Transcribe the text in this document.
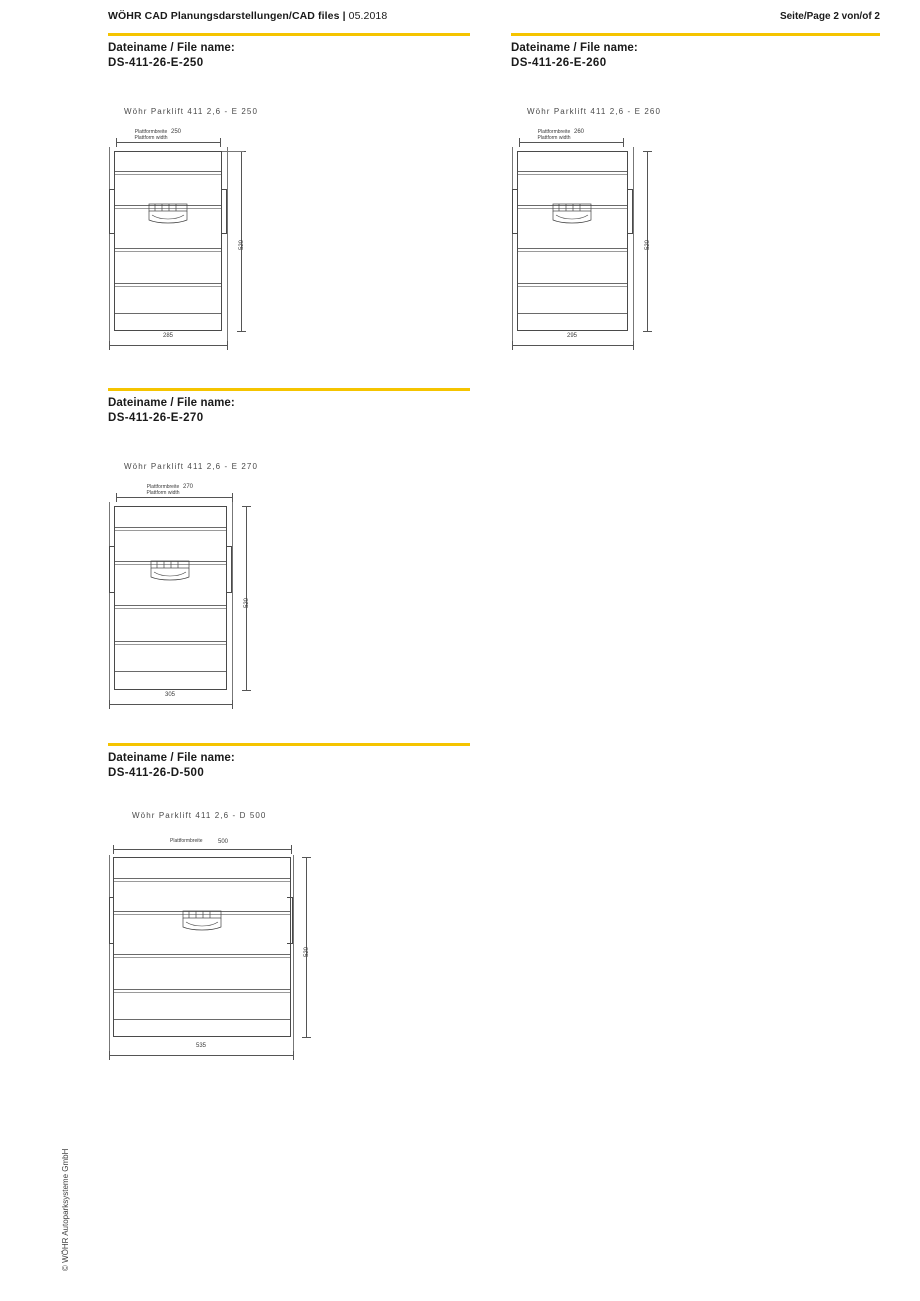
WÖHR CAD Planungsdarstellungen/CAD files | 05.2018	Seite/Page 2 von/of 2
Dateiname / File name:
DS-411-26-E-250
Wöhr Parklift 411 2,6 - E 250
Plattformbreite
Plattform width
250
520
285
Dateiname / File name:
DS-411-26-E-260
Wöhr Parklift 411 2,6 - E 260
Plattformbreite
Plattform width
260
520
295
Dateiname / File name:
DS-411-26-E-270
Wöhr Parklift 411 2,6 - E 270
Plattformbreite
Plattform width
270
520
305
Dateiname / File name:
DS-411-26-D-500
Wöhr Parklift 411 2,6 - D 500
Plattformbreite	500
520
535
© WÖHR Autoparksysteme GmbH
